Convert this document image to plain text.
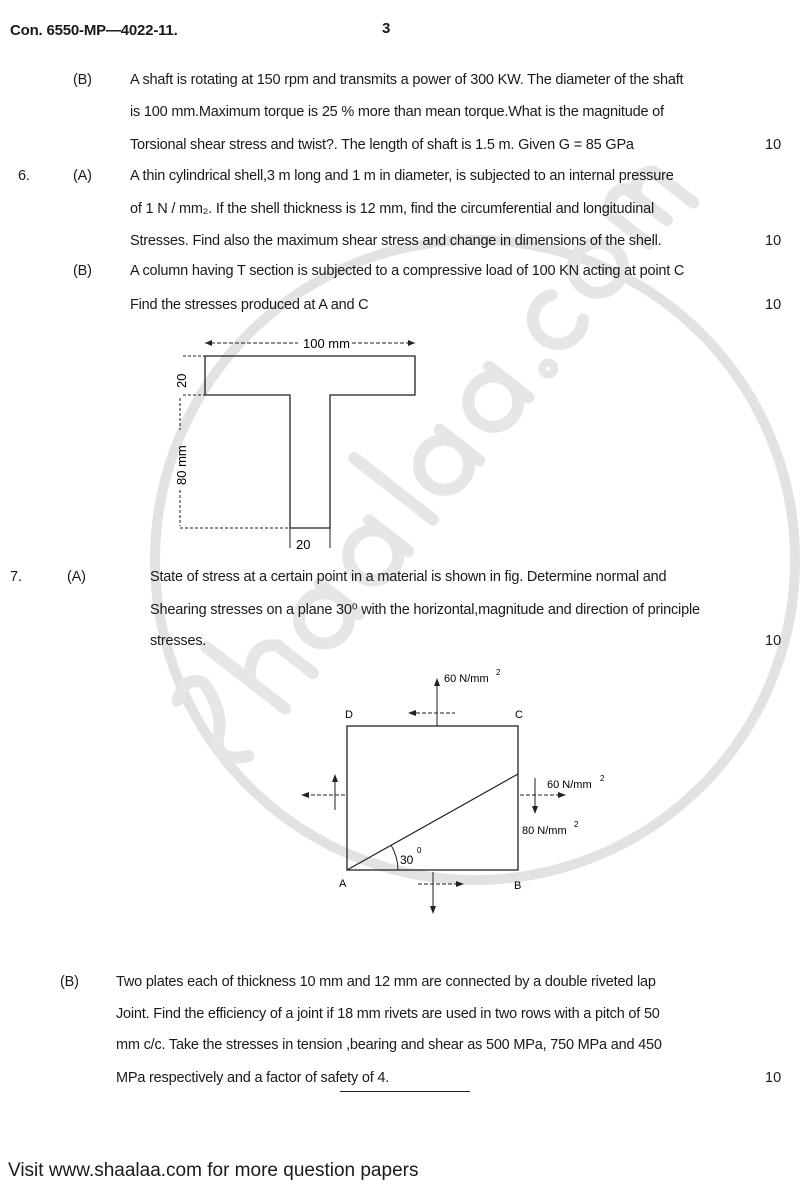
Con. 6550-MP—4022-11.	3
(B)	A shaft is rotating at 150 rpm and transmits a power of 300 KW. The diameter of the shaft
is 100 mm.Maximum torque is 25 % more than mean torque.What is the magnitude of
Torsional shear stress and twist?. The length of shaft is 1.5 m. Given G = 85 GPa	10
6.	(A)	A thin cylindrical shell,3 m long and 1 m in diameter, is subjected to an internal pressure
of 1 N / mm₂. If the shell thickness is 12 mm, find the circumferential and longitudinal
Stresses. Find also the maximum shear stress and change in dimensions of the shell.	10
(B)	A column having T section is subjected to a compressive load of 100 KN acting at point C
Find the stresses produced at A and C	10
100 mm
20
80 mm
20
7.	(A)	State of stress at a certain point in a material is shown in fig. Determine normal and
Shearing stresses on a plane 30⁰ with the horizontal,magnitude and direction of principle
stresses.	10
30
0
D	C
A	B
60 N/mm
2
60 N/mm
2
80 N/mm
2
(B)	Two plates each of thickness 10 mm and 12 mm are connected by a double riveted lap
Joint. Find the efficiency of a joint if 18 mm rivets are used in two rows with a pitch of 50
mm c/c. Take the stresses in tension ,bearing and shear as 500 MPa, 750 MPa and 450
MPa respectively and a factor of safety of 4.	10
Visit www.shaalaa.com for more question papers
